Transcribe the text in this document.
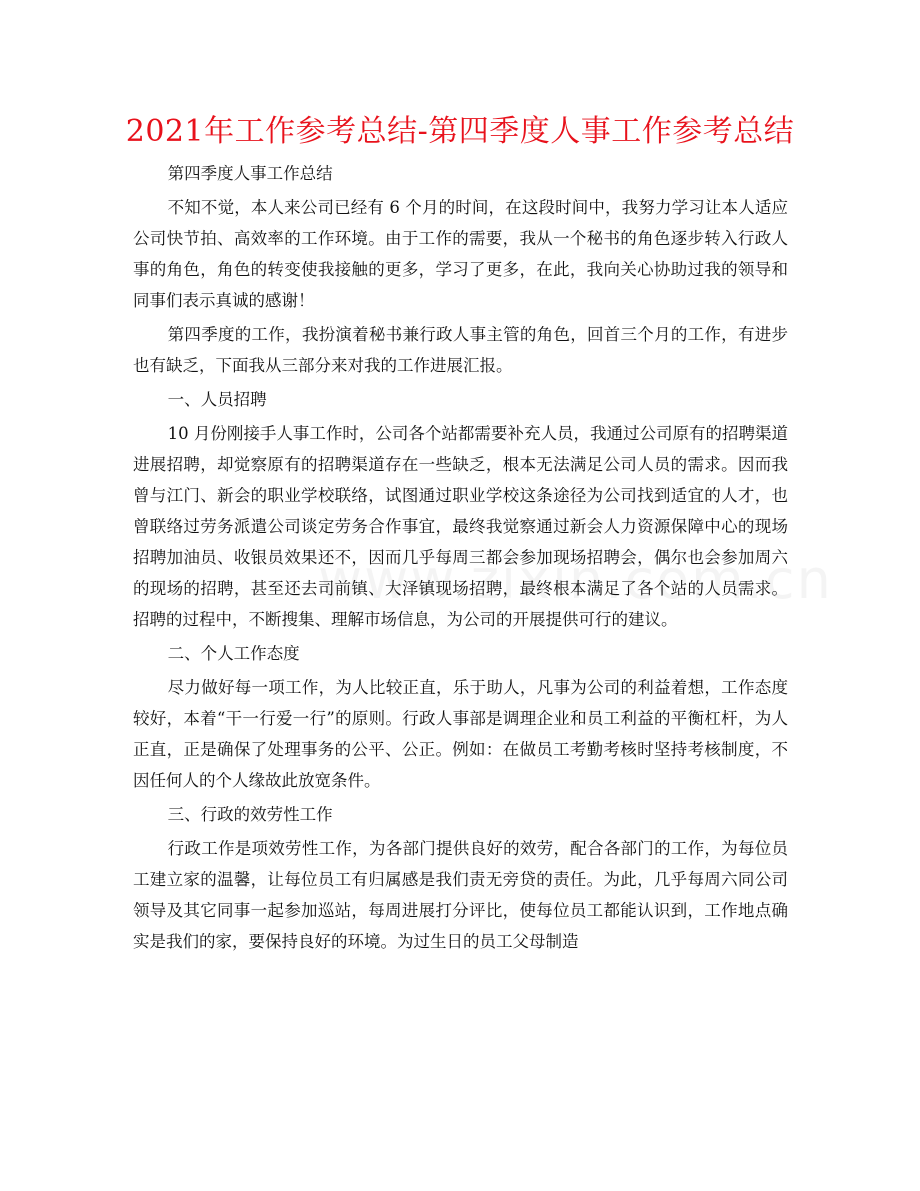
2021年工作参考总结-第四季度人事工作参考总结

第四季度人事工作总结

不知不觉，本人来公司已经有 6 个月的时间，在这段时间中，我努力学习让本人适应公司快节拍、高效率的工作环境。由于工作的需要，我从一个秘书的角色逐步转入行政人事的角色，角色的转变使我接触的更多，学习了更多，在此，我向关心协助过我的领导和同事们表示真诚的感谢！

第四季度的工作，我扮演着秘书兼行政人事主管的角色，回首三个月的工作，有进步也有缺乏，下面我从三部分来对我的工作进展汇报。

一、人员招聘

10 月份刚接手人事工作时，公司各个站都需要补充人员，我通过公司原有的招聘渠道进展招聘，却觉察原有的招聘渠道存在一些缺乏，根本无法满足公司人员的需求。因而我曾与江门、新会的职业学校联络，试图通过职业学校这条途径为公司找到适宜的人才，也曾联络过劳务派遣公司谈定劳务合作事宜，最终我觉察通过新会人力资源保障中心的现场招聘加油员、收银员效果还不，因而几乎每周三都会参加现场招聘会，偶尔也会参加周六的现场的招聘，甚至还去司前镇、大泽镇现场招聘，最终根本满足了各个站的人员需求。招聘的过程中，不断搜集、理解市场信息，为公司的开展提供可行的建议。

二、个人工作态度

尽力做好每一项工作，为人比较正直，乐于助人，凡事为公司的利益着想，工作态度较好，本着“干一行爱一行”的原则。行政人事部是调理企业和员工利益的平衡杠杆，为人正直，正是确保了处理事务的公平、公正。例如：在做员工考勤考核时坚持考核制度，不因任何人的个人缘故此放宽条件。

三、行政的效劳性工作

行政工作是项效劳性工作，为各部门提供良好的效劳，配合各部门的工作，为每位员工建立家的温馨，让每位员工有归属感是我们责无旁贷的责任。为此，几乎每周六同公司领导及其它同事一起参加巡站，每周进展打分评比，使每位员工都能认识到，工作地点确实是我们的家，要保持良好的环境。为过生日的员工父母制造
